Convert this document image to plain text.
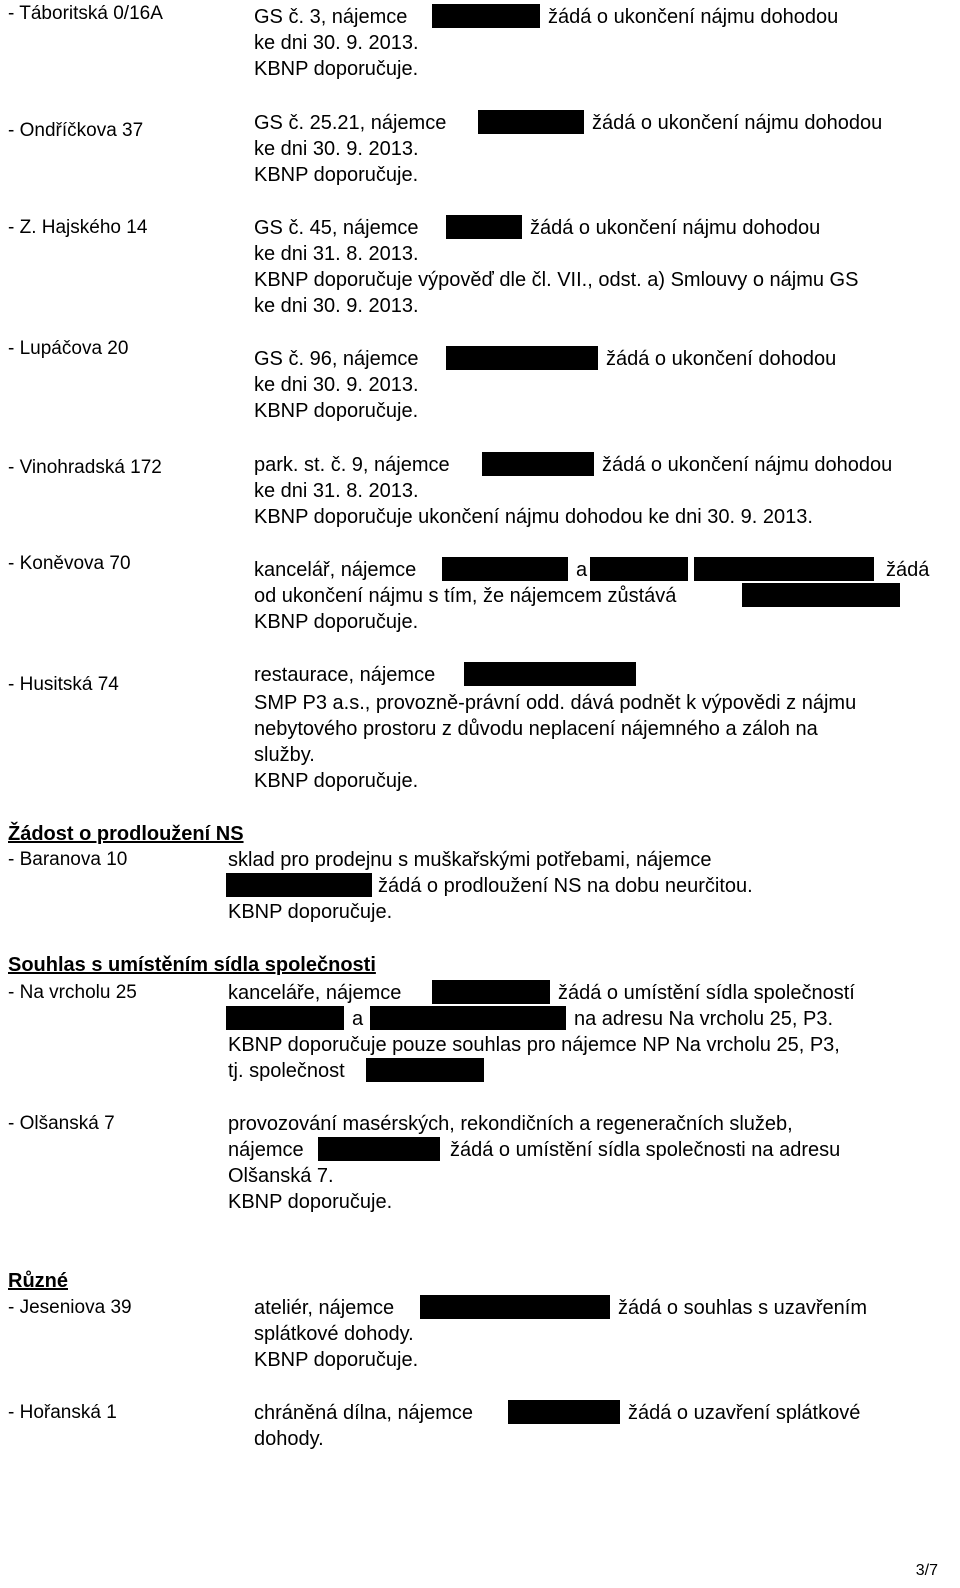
- Táboritská 0/16A	GS č. 3, nájemce	žádá o ukončení nájmu dohodou
ke dni 30. 9. 2013.
KBNP doporučuje.
- Ondříčkova 37	GS č. 25.21, nájemce	žádá o ukončení nájmu dohodou
ke dni 30. 9. 2013.
KBNP doporučuje.
- Z. Hajského 14	GS č. 45, nájemce	žádá o ukončení nájmu dohodou
ke dni 31. 8. 2013.
KBNP doporučuje výpověď dle čl. VII., odst. a) Smlouvy o nájmu GS
ke dni 30. 9. 2013.
- Lupáčova 20	GS č. 96, nájemce	žádá o ukončení dohodou
ke dni 30. 9. 2013.
KBNP doporučuje.
- Vinohradská 172	park. st. č. 9, nájemce	žádá o ukončení nájmu dohodou
ke dni 31. 8. 2013.
KBNP doporučuje ukončení nájmu dohodou ke dni 30. 9. 2013.
- Koněvova 70	kancelář, nájemce	a	žádá
od ukončení nájmu s tím, že nájemcem zůstává
KBNP doporučuje.
- Husitská 74	restaurace, nájemce
SMP P3 a.s., provozně-právní odd. dává podnět k výpovědi z nájmu
nebytového prostoru z důvodu neplacení nájemného a záloh na
služby.
KBNP doporučuje.
Žádost o prodloužení NS
- Baranova 10	sklad pro prodejnu s muškařskými potřebami, nájemce
žádá o prodloužení NS na dobu neurčitou.
KBNP doporučuje.
Souhlas s umístěním sídla společnosti
- Na vrcholu 25	kanceláře, nájemce	žádá o umístění sídla společností
a	na adresu Na vrcholu 25, P3.
KBNP doporučuje pouze souhlas pro nájemce NP Na vrcholu 25, P3,
tj. společnost
- Olšanská 7	provozování masérských, rekondičních a regeneračních služeb,
nájemce	žádá o umístění sídla společnosti na adresu
Olšanská 7.
KBNP doporučuje.
Různé
- Jeseniova 39	ateliér, nájemce	žádá o souhlas s uzavřením
splátkové dohody.
KBNP doporučuje.
- Hořanská 1	chráněná dílna, nájemce	žádá o uzavření splátkové
dohody.
3/7
